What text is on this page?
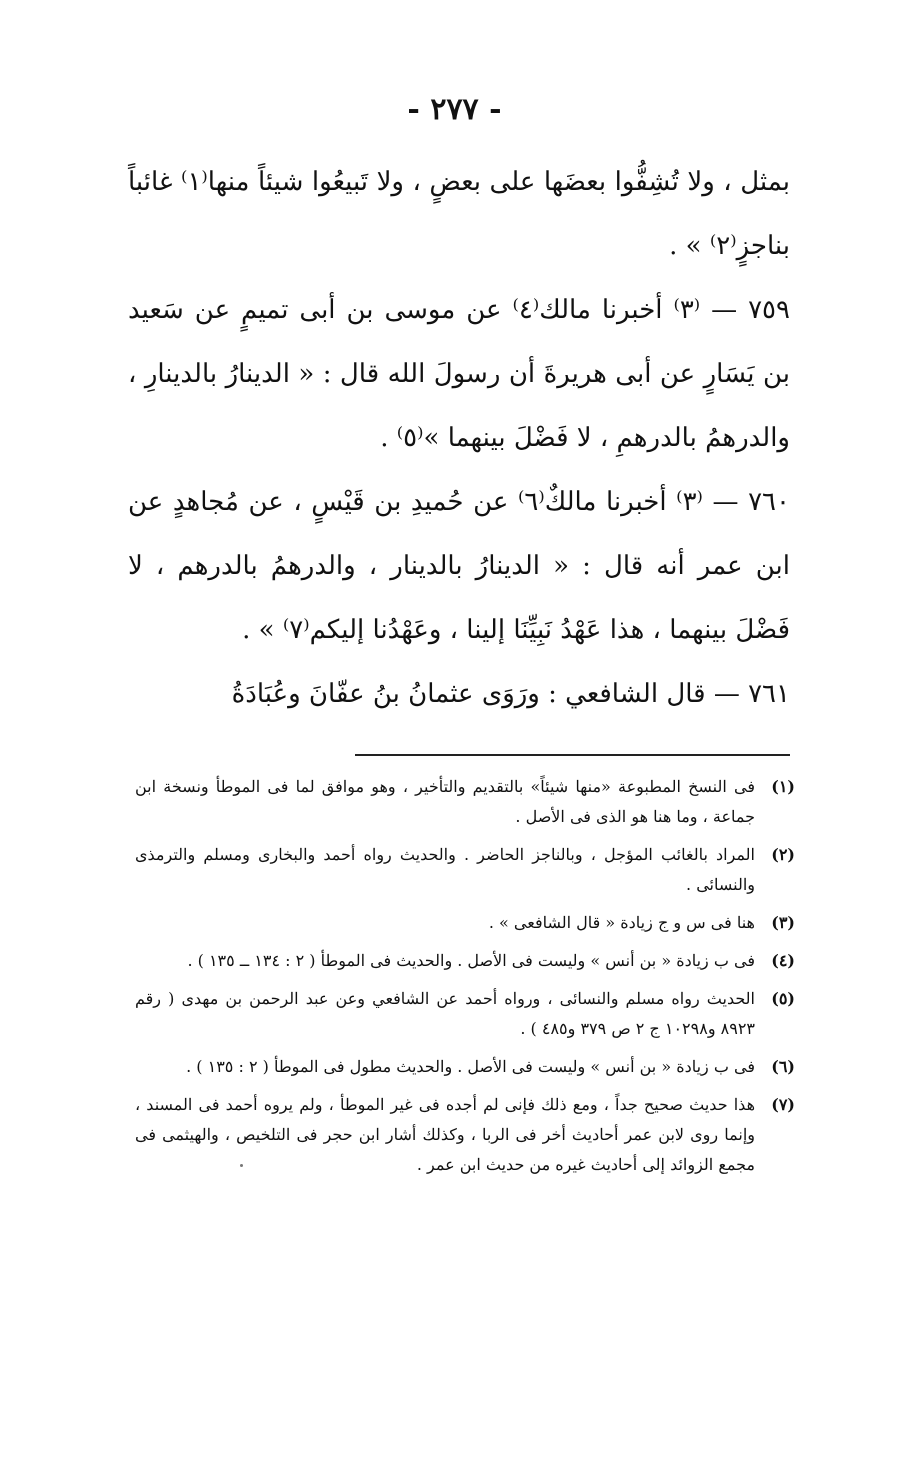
- ٢٧٧ -

بمثل ، ولا تُشِفُّوا بعضَها على بعضٍ ، ولا تَبيعُوا شيئاً منها⁽١⁾ غائباً بناجزٍ⁽٢⁾ » .

٧٥٩ — ⁽٣⁾ أخبرنا مالك⁽٤⁾ عن موسى بن أبى تميمٍ عن سَعيد بن يَسَارٍ عن أبى هريرةَ أن رسولَ الله قال : « الدينارُ بالدينارِ ، والدرهمُ بالدرهمِ ، لا فَضْلَ بينهما »⁽٥⁾ .

٧٦٠ — ⁽٣⁾ أخبرنا مالكٌ⁽٦⁾ عن حُميدِ بن قَيْسٍ ، عن مُجاهدٍ عن ابن عمر أنه قال : « الدينارُ بالدينار ، والدرهمُ بالدرهم ، لا فَضْلَ بينهما ، هذا عَهْدُ نَبِيِّنَا إلينا ، وعَهْدُنا إليكم⁽٧⁾ » .

٧٦١ — قال الشافعي : ورَوَى عثمانُ بنُ عفّانَ وعُبَادَةُ

(١)
فى النسخ المطبوعة «منها شيئاً» بالتقديم والتأخير ، وهو موافق لما فى الموطأ ونسخة ابن جماعة ، وما هنا هو الذى فى الأصل .
(٢)
المراد بالغائب المؤجل ، وبالناجز الحاضر . والحديث رواه أحمد والبخارى ومسلم والترمذى والنسائى .
(٣)
هنا فى س و ج زيادة « قال الشافعى » .
(٤)
فى ب زيادة « بن أنس » وليست فى الأصل . والحديث فى الموطأ ( ٢ : ١٣٤ ــ ١٣٥ ) .
(٥)
الحديث رواه مسلم والنسائى ، ورواه أحمد عن الشافعي وعن عبد الرحمن بن مهدى ( رقم ٨٩٢٣ و١٠٢٩٨ ج ٢ ص ٣٧٩ و٤٨٥ ) .
(٦)
فى ب زيادة « بن أنس » وليست فى الأصل . والحديث مطول فى الموطأ ( ٢ : ١٣٥ ) .
(٧)
هذا حديث صحيح جداً ، ومع ذلك فإنى لم أجده فى غير الموطأ ، ولم يروه أحمد فى المسند ، وإنما روى لابن عمر أحاديث أخر فى الربا ، وكذلك أشار ابن حجر فى التلخيص ، والهيثمى فى مجمع الزوائد إلى أحاديث غيره من حديث ابن عمر .
